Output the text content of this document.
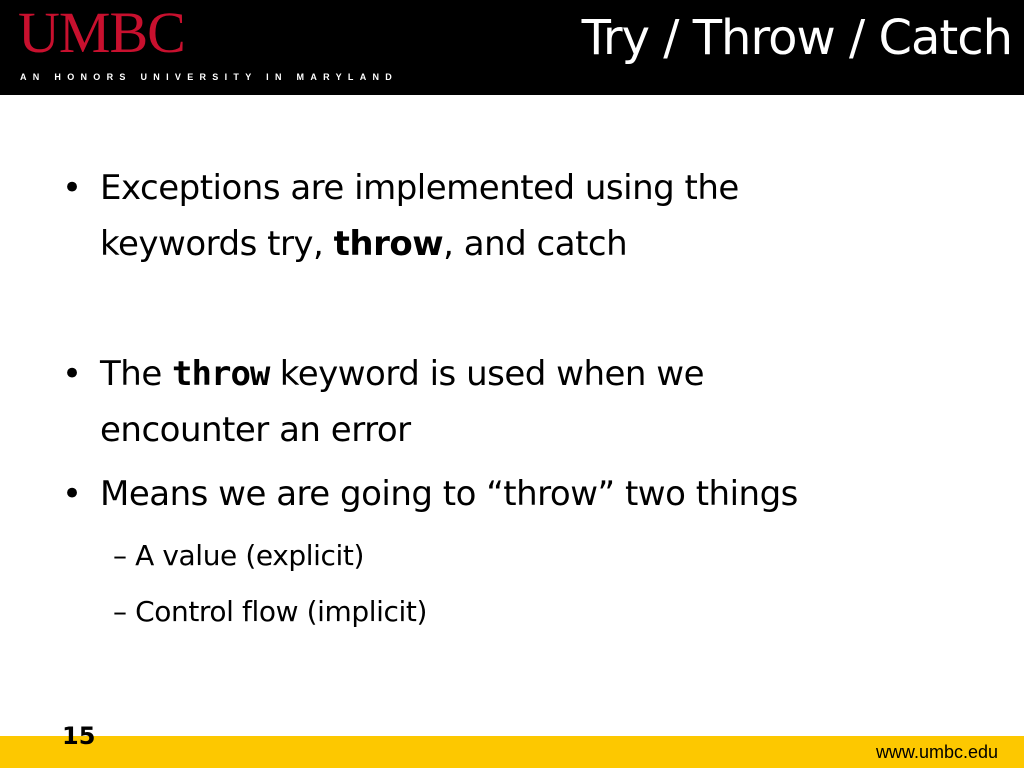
UMBC
AN HONORS UNIVERSITY IN MARYLAND
Try / Throw / Catch
• Exceptions are implemented using the
keywords try, throw, and catch
• The throw keyword is used when we
encounter an error
• Means we are going to “throw” two things
– A value (explicit)
– Control flow (implicit)
15
www.umbc.edu
